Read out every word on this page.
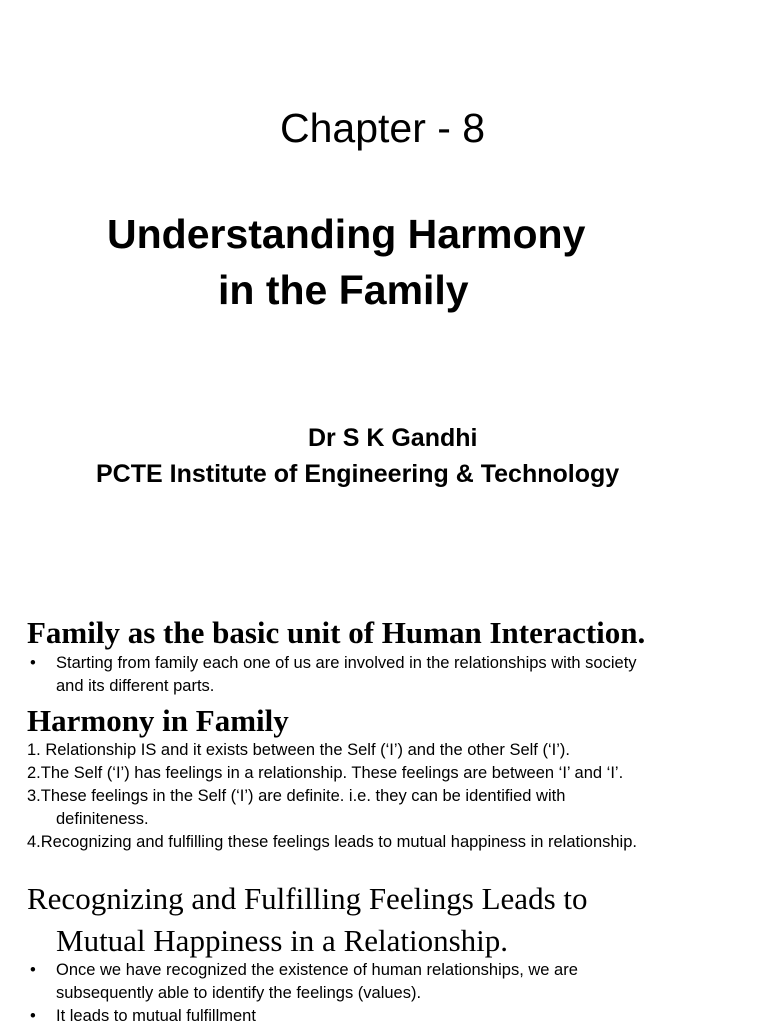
Chapter - 8
Understanding Harmony
in the Family
Dr S K Gandhi
PCTE Institute of Engineering & Technology
Family as the basic unit of Human Interaction.
• Starting from family each one of us are involved in the relationships with society
and its different parts.
Harmony in Family
1. Relationship IS and it exists between the Self (‘I’) and the other Self (‘I’).
2.The Self (‘I’) has feelings in a relationship. These feelings are between ‘I’ and ‘I’.
3.These feelings in the Self (‘I’) are definite. i.e. they can be identified with
definiteness.
4.Recognizing and fulfilling these feelings leads to mutual happiness in relationship.
Recognizing and Fulfilling Feelings Leads to
Mutual Happiness in a Relationship.
• Once we have recognized the existence of human relationships, we are
subsequently able to identify the feelings (values).
• It leads to mutual fulfillment
